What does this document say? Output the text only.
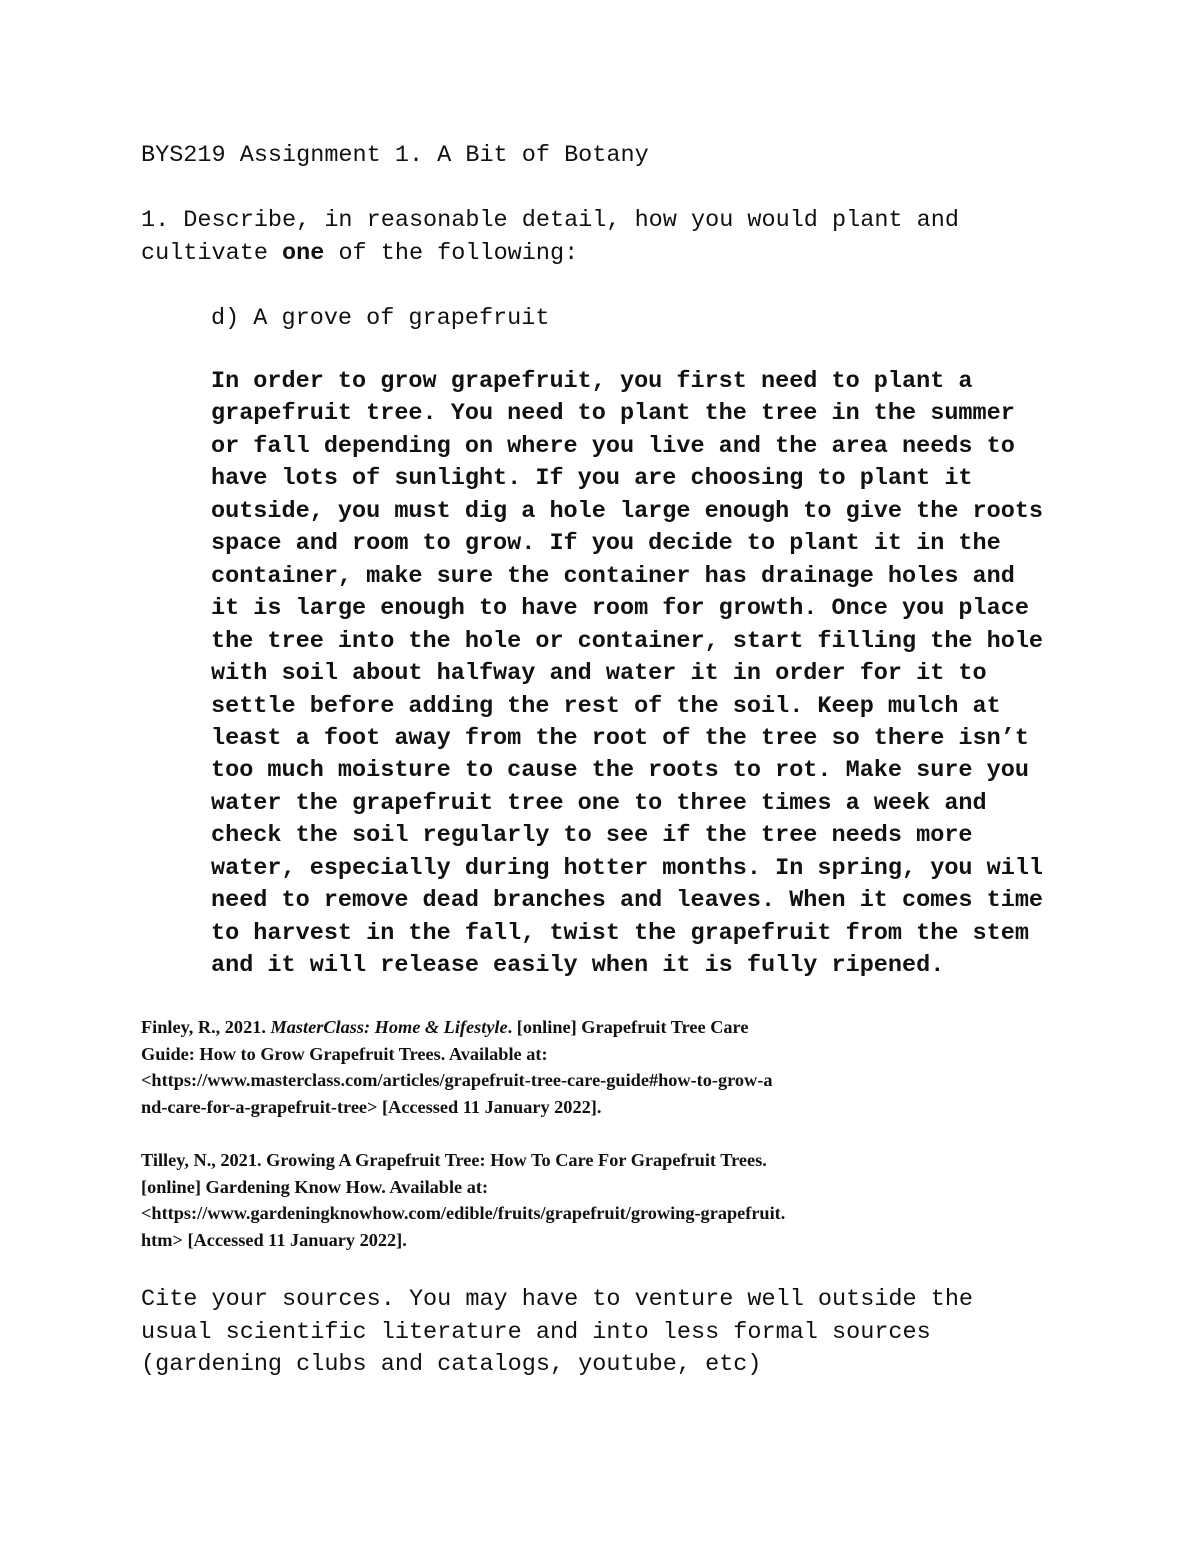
BYS219 Assignment 1. A Bit of Botany

1. Describe, in reasonable detail, how you would plant and

cultivate one of the following:

d) A grove of grapefruit

In order to grow grapefruit, you first need to plant a

grapefruit tree. You need to plant the tree in the summer

or fall depending on where you live and the area needs to

have lots of sunlight. If you are choosing to plant it

outside, you must dig a hole large enough to give the roots

space and room to grow. If you decide to plant it in the

container, make sure the container has drainage holes and

it is large enough to have room for growth. Once you place

the tree into the hole or container, start filling the hole

with soil about halfway and water it in order for it to

settle before adding the rest of the soil. Keep mulch at

least a foot away from the root of the tree so there isn’t

too much moisture to cause the roots to rot. Make sure you

water the grapefruit tree one to three times a week and

check the soil regularly to see if the tree needs more

water, especially during hotter months. In spring, you will

need to remove dead branches and leaves. When it comes time

to harvest in the fall, twist the grapefruit from the stem

and it will release easily when it is fully ripened.

Finley, R., 2021. MasterClass: Home & Lifestyle. [online] Grapefruit Tree Care

Guide: How to Grow Grapefruit Trees. Available at:

<https://www.masterclass.com/articles/grapefruit-tree-care-guide#how-to-grow-a

nd-care-for-a-grapefruit-tree> [Accessed 11 January 2022].

Tilley, N., 2021. Growing A Grapefruit Tree: How To Care For Grapefruit Trees.

[online] Gardening Know How. Available at:

<https://www.gardeningknowhow.com/edible/fruits/grapefruit/growing-grapefruit.

htm> [Accessed 11 January 2022].

Cite your sources. You may have to venture well outside the

usual scientific literature and into less formal sources

(gardening clubs and catalogs, youtube, etc)
